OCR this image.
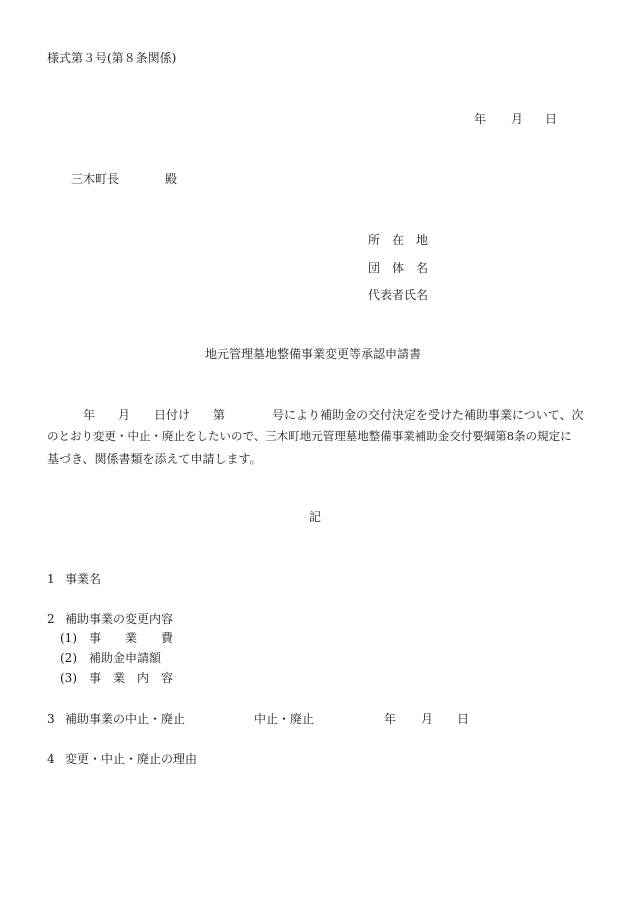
様式第３号(第８条関係)
年 月 日
三木町長	殿
所　在　地
団　体　名
代表者氏名
地元管理墓地整備事業変更等承認申請書
年 月 日付け 第	号により補助金の交付決定を受けた補助事業について、次
のとおり変更・中止・廃止をしたいので、三木町地元管理墓地整備事業補助金交付要綱第8条の規定に
基づき、関係書類を添えて申請します。
記
1 事業名
2 補助事業の変更内容
(1) 事　　業　　費
(2) 補助金申請額
(3) 事　業　内　容
3 補助事業の中止・廃止	中止・廃止	年 月 日
4 変更・中止・廃止の理由
